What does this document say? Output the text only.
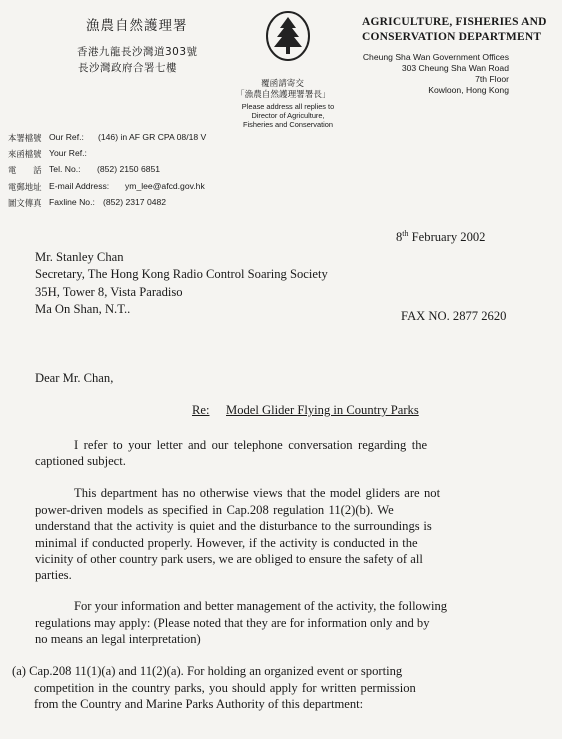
漁農自然護理署
香港九龍長沙灣道303號
長沙灣政府合署七樓
覆函請寄交
「漁農自然護理署署長」
Please address all replies to Director of Agriculture, Fisheries and Conservation
AGRICULTURE, FISHERIES AND
CONSERVATION DEPARTMENT
Cheung Sha Wan Government Offices
303 Cheung Sha Wan Road
7th Floor
Kowloon, Hong Kong
本署檔號 Our Ref.: (146) in AF GR CPA 08/18 V
來函檔號 Your Ref.:
電　　話 Tel. No.: (852) 2150 6851
電郵地址 E-mail Address: ym_lee@afcd.gov.hk
圖文傳真 Faxline No.: (852) 2317 0482
8th February 2002
Mr. Stanley Chan
Secretary, The Hong Kong Radio Control Soaring Society
35H, Tower 8, Vista Paradiso
Ma On Shan, N.T..	FAX NO. 2877 2620
Dear Mr. Chan,
Re: Model Glider Flying in Country Parks
I refer to your letter and our telephone conversation regarding the
captioned subject.
This department has no otherwise views that the model gliders are not
power-driven models as specified in Cap.208 regulation 11(2)(b). We
understand that the activity is quiet and the disturbance to the surroundings is
minimal if conducted properly. However, if the activity is conducted in the
vicinity of other country park users, we are obliged to ensure the safety of all
parties.
For your information and better management of the activity, the following
regulations may apply: (Please noted that they are for information only and by
no means an legal interpretation)
(a) Cap.208 11(1)(a) and 11(2)(a). For holding an organized event or sporting
competition in the country parks, you should apply for written permission
from the Country and Marine Parks Authority of this department:
